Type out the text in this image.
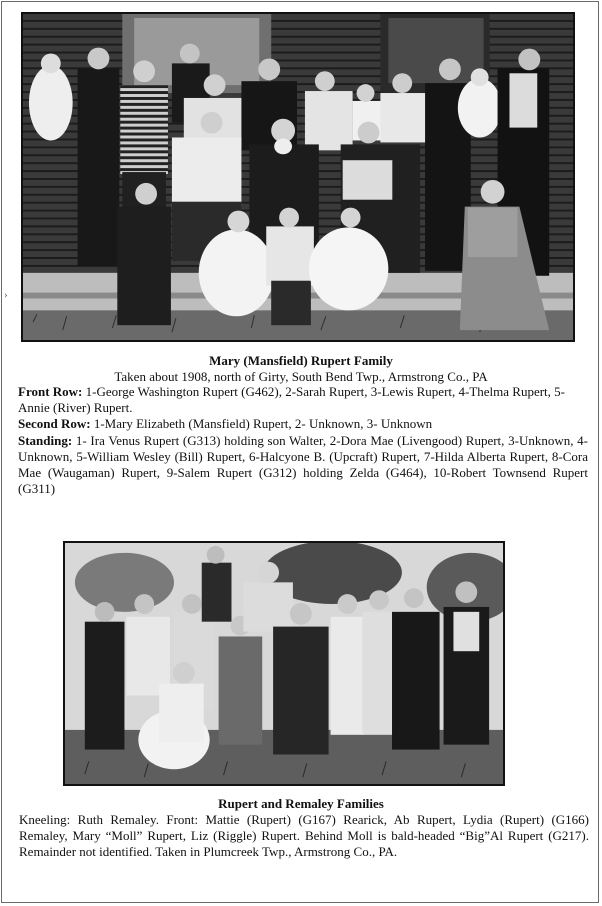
›
Mary (Mansfield) Rupert Family
Taken about 1908, north of Girty, South Bend Twp., Armstrong Co., PA

Front Row: 1-George Washington Rupert (G462), 2-Sarah Rupert, 3-Lewis Rupert, 4-Thelma Rupert, 5-Annie (River) Rupert.

Second Row: 1-Mary Elizabeth (Mansfield) Rupert, 2- Unknown, 3- Unknown

Standing: 1- Ira Venus Rupert (G313) holding son Walter, 2-Dora Mae (Livengood) Rupert, 3-Unknown, 4-Unknown, 5-William Wesley (Bill) Rupert, 6-Halcyone B. (Upcraft) Rupert, 7-Hilda Alberta Rupert, 8-Cora Mae (Waugaman) Rupert, 9-Salem Rupert (G312) holding Zelda (G464), 10-Robert Townsend Rupert (G311)

Rupert and Remaley Families
Kneeling: Ruth Remaley. Front: Mattie (Rupert) (G167) Rearick, Ab Rupert, Lydia (Rupert) (G166) Remaley, Mary “Moll” Rupert, Liz (Riggle) Rupert. Behind Moll is bald-headed “Big”Al Rupert (G217). Remainder not identified. Taken in Plumcreek Twp., Armstrong Co., PA.
